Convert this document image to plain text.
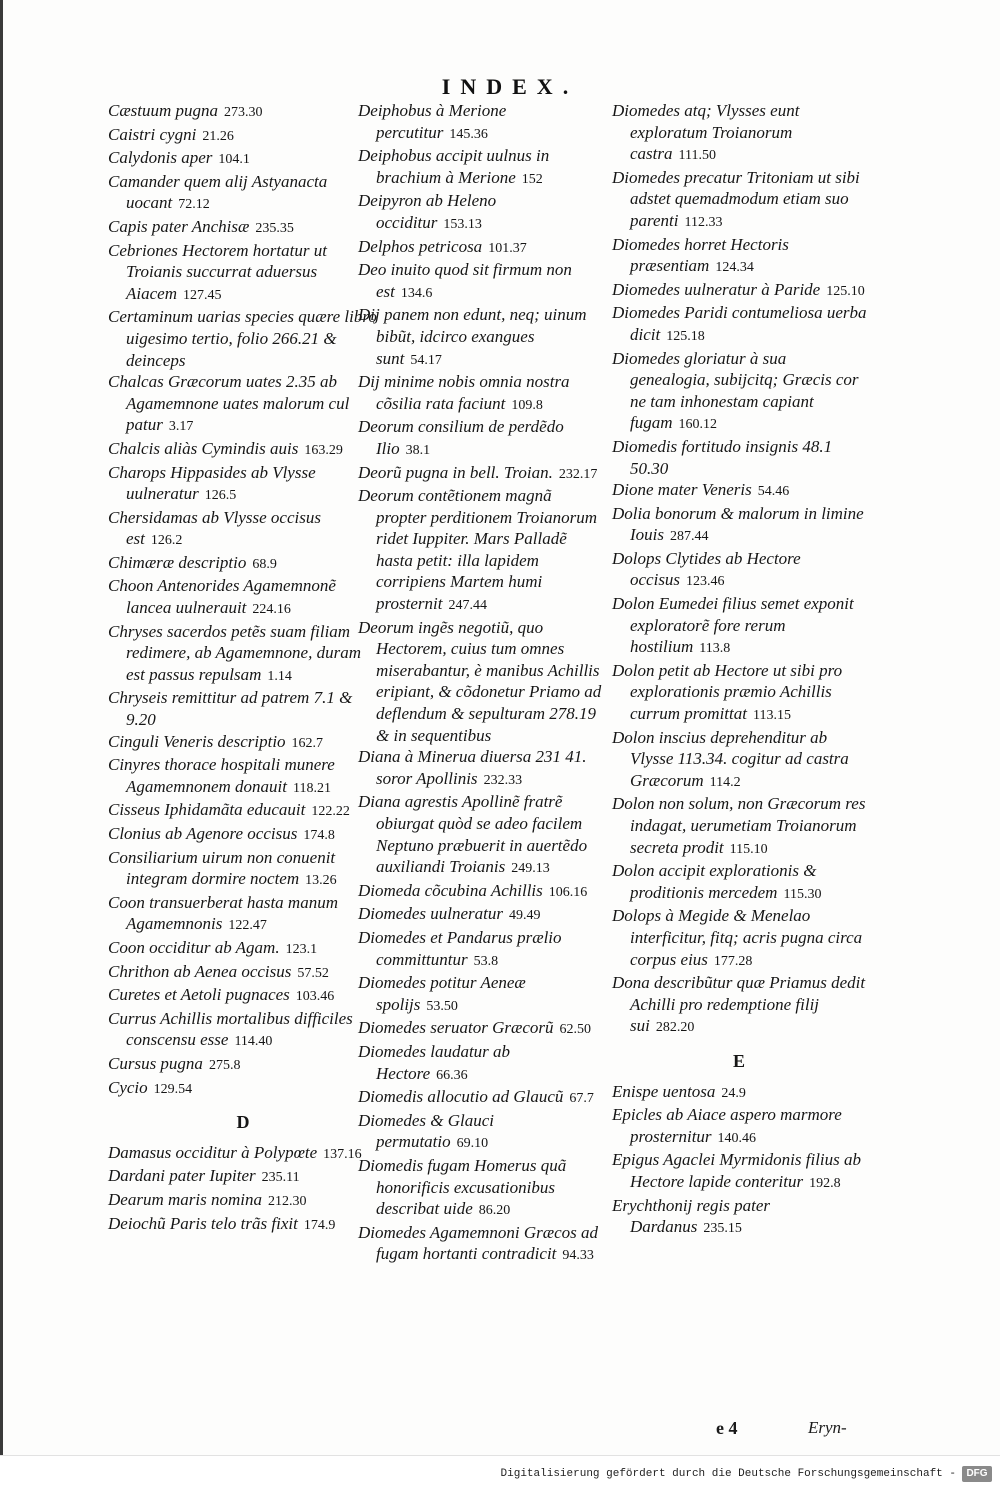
INDEX.

Cæstuum pugna 273.30

Caistri cygni 21.26

Calydonis aper 104.1

Camander quem alij Astyanacta uocant 72.12

Capis pater Anchisæ 235.35

Cebriones Hectorem hortatur ut Troianis succurrat aduersus Aiacem 127.45

Certaminum uarias species quære libro uigesimo tertio, folio 266.21 & deinceps

Chalcas Græcorum uates 2.35 ab Agamemnone uates malorum cul patur 3.17

Chalcis aliàs Cymindis auis 163.29

Charops Hippasides ab Vlysse uulneratur 126.5

Chersidamas ab Vlysse occisus est 126.2

Chimæræ descriptio 68.9

Choon Antenorides Agamemnonẽ lancea uulnerauit 224.16

Chryses sacerdos petẽs suam filiam redimere, ab Agamemnone, duram est passus repulsam 1.14

Chryseis remittitur ad patrem 7.1 & 9.20

Cinguli Veneris descriptio 162.7

Cinyres thorace hospitali munere Agamemnonem donauit 118.21

Cisseus Iphidamãta educauit 122.22

Clonius ab Agenore occisus 174.8

Consiliarium uirum non conuenit integram dormire noctem 13.26

Coon transuerberat hasta manum Agamemnonis 122.47

Coon occiditur ab Agam. 123.1

Chrithon ab Aenea occisus 57.52

Curetes et Aetoli pugnaces 103.46

Currus Achillis mortalibus difficiles conscensu esse 114.40

Cursus pugna 275.8

Cycio 129.54

D

Damasus occiditur à Polypœte 137.16

Dardani pater Iupiter 235.11

Dearum maris nomina 212.30

Deiochũ Paris telo trãs fixit 174.9

Deiphobus à Merione percutitur 145.36

Deiphobus accipit uulnus in brachium à Merione 152

Deipyron ab Heleno occiditur 153.13

Delphos petricosa 101.37

Deo inuito quod sit firmum non est 134.6

Dij panem non edunt, neq; uinum bibũt, idcirco exangues sunt 54.17

Dij minime nobis omnia nostra cõsilia rata faciunt 109.8

Deorum consilium de perdẽdo Ilio 38.1

Deorũ pugna in bell. Troian. 232.17

Deorum contẽtionem magnã propter perditionem Troianorum ridet Iuppiter. Mars Palladẽ hasta petit: illa lapidem corripiens Martem humi prosternit 247.44

Deorum ingẽs negotiũ, quo Hectorem, cuius tum omnes miserabantur, è manibus Achillis eripiant, & cõdonetur Priamo ad deflendum & sepulturam 278.19 & in sequentibus

Diana à Minerua diuersa 231 41. soror Apollinis 232.33

Diana agrestis Apollinẽ fratrẽ obiurgat quòd se adeo facilem Neptuno præbuerit in auertẽdo auxiliandi Troianis 249.13

Diomeda cõcubina Achillis 106.16

Diomedes uulneratur 49.49

Diomedes et Pandarus prælio committuntur 53.8

Diomedes potitur Aeneæ spolijs 53.50

Diomedes seruator Græcorũ 62.50

Diomedes laudatur ab Hectore 66.36

Diomedis allocutio ad Glaucũ 67.7

Diomedes & Glauci permutatio 69.10

Diomedis fugam Homerus quã honorificis excusationibus describat uide 86.20

Diomedes Agamemnoni Græcos ad fugam hortanti contradicit 94.33

Diomedes atq; Vlysses eunt exploratum Troianorum castra 111.50

Diomedes precatur Tritoniam ut sibi adstet quemadmodum etiam suo parenti 112.33

Diomedes horret Hectoris præsentiam 124.34

Diomedes uulneratur à Paride 125.10

Diomedes Paridi contumeliosa uerba dicit 125.18

Diomedes gloriatur à sua genealogia, subijcitq; Græcis cor ne tam inhonestam capiant fugam 160.12

Diomedis fortitudo insignis 48.1 50.30

Dione mater Veneris 54.46

Dolia bonorum & malorum in limine Iouis 287.44

Dolops Clytides ab Hectore occisus 123.46

Dolon Eumedei filius semet exponit exploratorẽ fore rerum hostilium 113.8

Dolon petit ab Hectore ut sibi pro explorationis præmio Achillis currum promittat 113.15

Dolon inscius deprehenditur ab Vlysse 113.34. cogitur ad castra Græcorum 114.2

Dolon non solum, non Græcorum res indagat, uerumetiam Troianorum secreta prodit 115.10

Dolon accipit explorationis & proditionis mercedem 115.30

Dolops à Megide & Menelao interficitur, fitq; acris pugna circa corpus eius 177.28

Dona describũtur quæ Priamus dedit Achilli pro redemptione filij sui 282.20

E

Enispe uentosa 24.9

Epicles ab Aiace aspero marmore prosternitur 140.46

Epigus Agaclei Myrmidonis filius ab Hectore lapide conteritur 192.8

Erychthonij regis pater Dardanus 235.15

e 4	Eryn-
Digitalisierung gefördert durch die Deutsche Forschungsgemeinschaft -	DFG
